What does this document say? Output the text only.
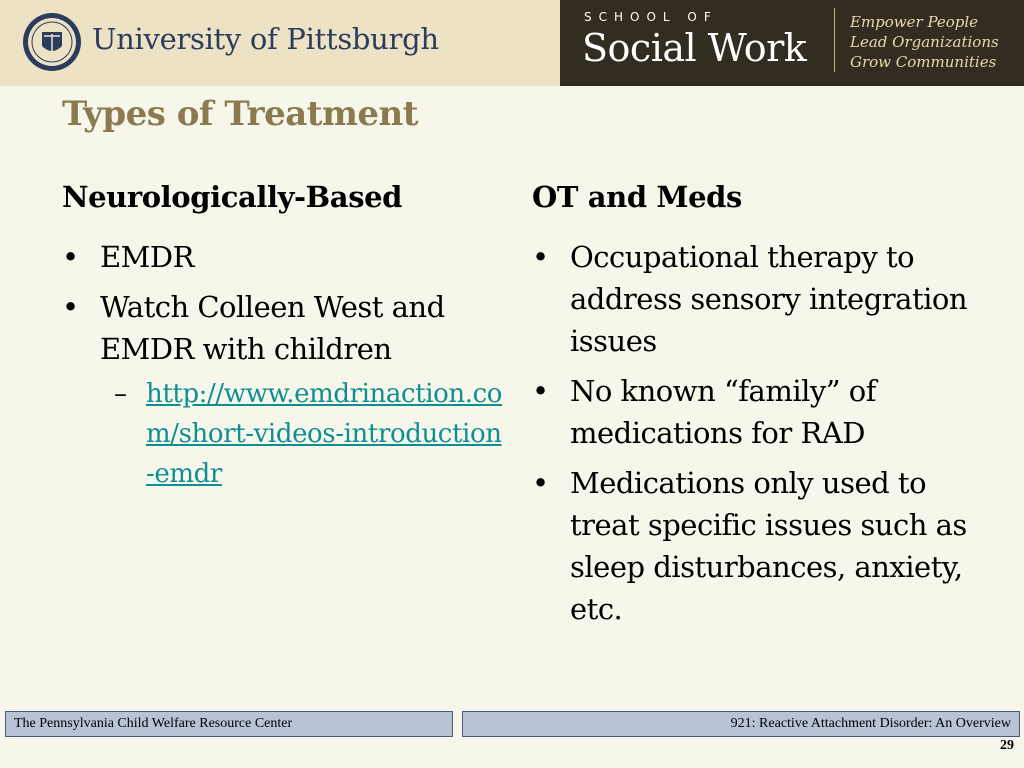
University of Pittsburgh
SCHOOL OF
Social Work
Empower People
Lead Organizations
Grow Communities
Types of Treatment
Neurologically-Based
• EMDR
• Watch Colleen West and EMDR with children
– http://www.emdrinaction.com/short-videos-introduction-emdr
OT and Meds
• Occupational therapy to address sensory integration issues
• No known “family” of medications for RAD
• Medications only used to treat specific issues such as sleep disturbances, anxiety, etc.
The Pennsylvania Child Welfare Resource Center	921: Reactive Attachment Disorder: An Overview
29
